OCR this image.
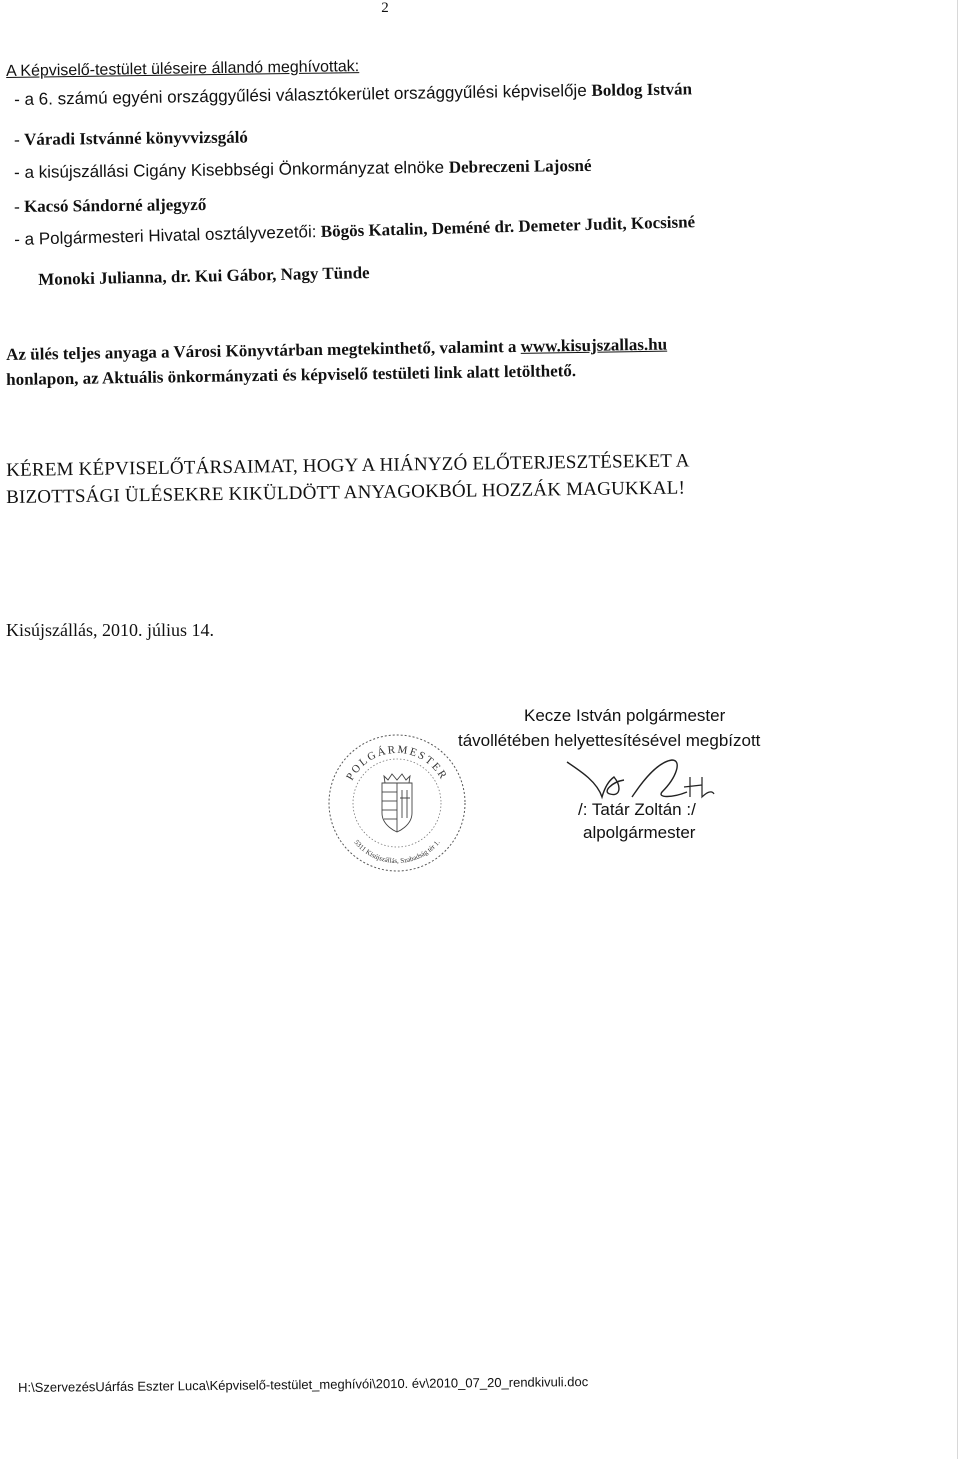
2
A Képviselő-testület üléseire állandó meghívottak:
- a 6. számú egyéni országgyűlési választókerület országgyűlési képviselője Boldog István
- Váradi Istvánné könyvvizsgáló
- a kisújszállási Cigány Kisebbségi Önkormányzat elnöke Debreczeni Lajosné
- Kacsó Sándorné aljegyző
- a Polgármesteri Hivatal osztályvezetői: Bögös Katalin, Deméné dr. Demeter Judit, Kocsisné
Monoki Julianna, dr. Kui Gábor, Nagy Tünde
Az ülés teljes anyaga a Városi Könyvtárban megtekinthető, valamint a www.kisujszallas.hu
honlapon, az Aktuális önkormányzati és képviselő testületi link alatt letölthető.
KÉREM KÉPVISELŐTÁRSAIMAT, HOGY A HIÁNYZÓ ELŐTERJESZTÉSEKET A
BIZOTTSÁGI ÜLÉSEKRE KIKÜLDÖTT ANYAGOKBÓL HOZZÁK MAGUKKAL!
Kisújszállás, 2010. július 14.
Kecze István polgármester
távollétében helyettesítésével megbízott
/: Tatár Zoltán :/
alpolgármester
POLGÁRMESTER
5311 Kisújszállás, Szabadság tér 1.
H:\SzervezésUárfás Eszter Luca\Képviselő-testület_meghívói\2010. év\2010_07_20_rendkivuli.doc
